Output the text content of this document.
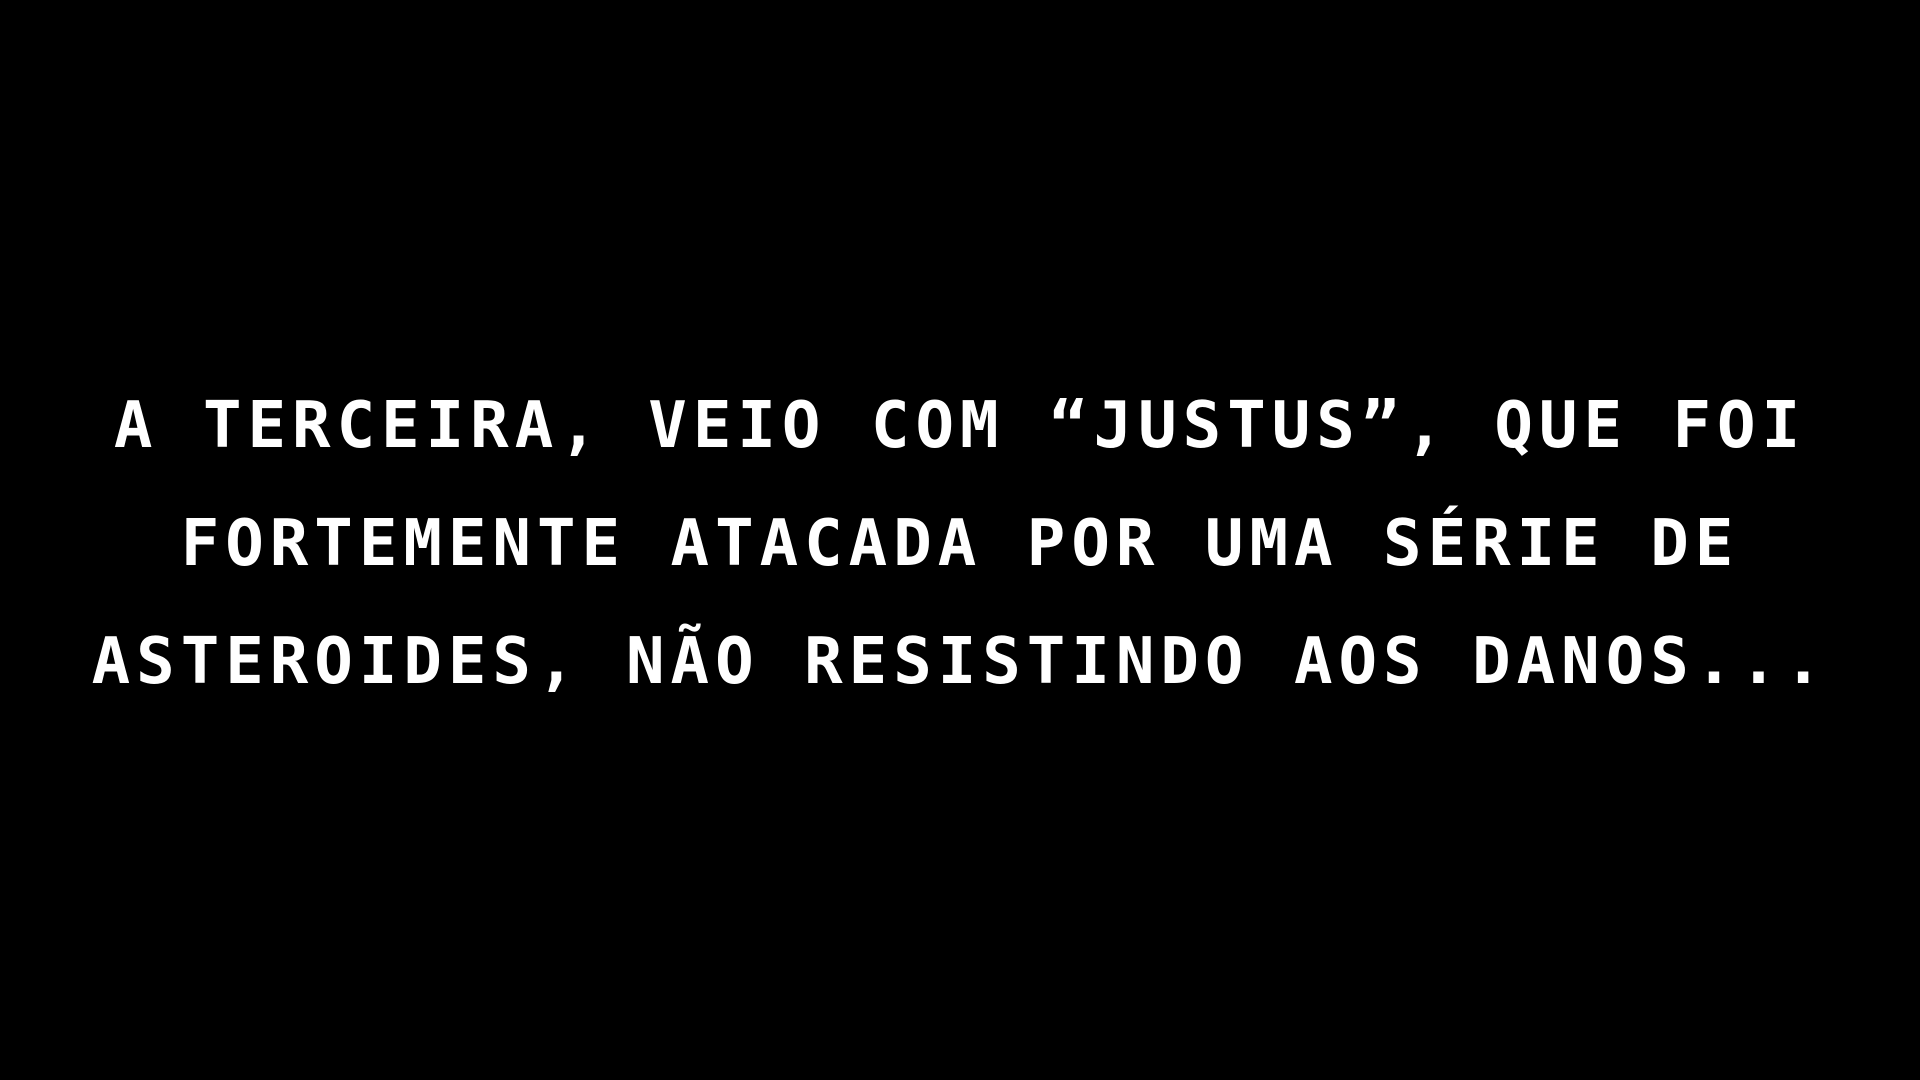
A TERCEIRA, VEIO COM “JUSTUS”, QUE FOI
FORTEMENTE ATACADA POR UMA SÉRIE DE
ASTEROIDES, NÃO RESISTINDO AOS DANOS...
